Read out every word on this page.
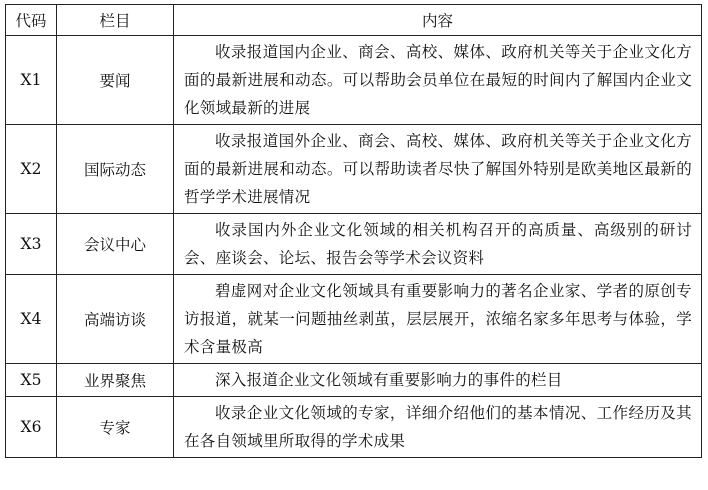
代码	栏目	内容
X1	要闻	收录报道国内企业、商会、高校、媒体、政府机关等关于企业文化方面的最新进展和动态。可以帮助会员单位在最短的时间内了解国内企业文化领域最新的进展
X2	国际动态	收录报道国外企业、商会、高校、媒体、政府机关等关于企业文化方面的最新进展和动态。可以帮助读者尽快了解国外特别是欧美地区最新的哲学学术进展情况
X3	会议中心	收录国内外企业文化领域的相关机构召开的高质量、高级别的研讨会、座谈会、论坛、报告会等学术会议资料
X4	高端访谈	碧虚网对企业文化领域具有重要影响力的著名企业家、学者的原创专访报道，就某一问题抽丝剥茧，层层展开，浓缩名家多年思考与体验，学术含量极高
X5	业界聚焦	深入报道企业文化领域有重要影响力的事件的栏目
X6	专家	收录企业文化领域的专家，详细介绍他们的基本情况、工作经历及其在各自领域里所取得的学术成果
